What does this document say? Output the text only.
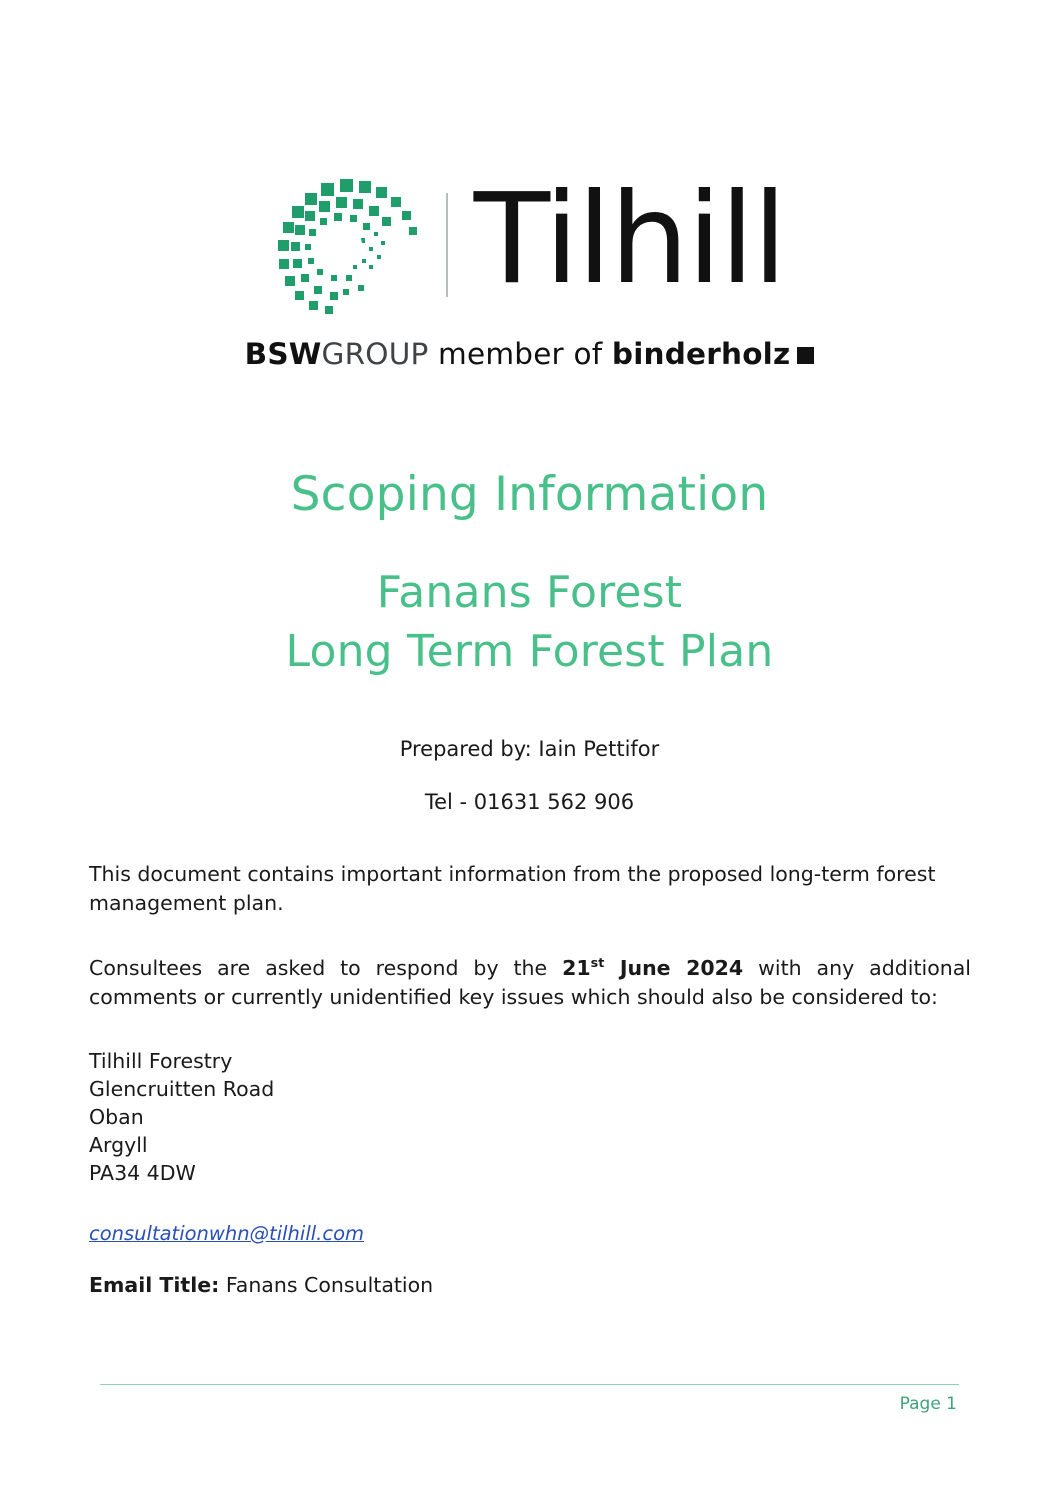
Tilhill
BSW GROUP member of binderholz
Scoping Information
Fanans Forest
Long Term Forest Plan
Prepared by: Iain Pettifor
Tel - 01631 562 906
This document contains important information from the proposed long-term forest management plan.
Consultees are asked to respond by the 21st June 2024 with any additional comments or currently unidentified key issues which should also be considered to:
Tilhill Forestry
Glencruitten Road
Oban
Argyll
PA34 4DW
consultationwhn@tilhill.com
Email Title: Fanans Consultation
Page 1
